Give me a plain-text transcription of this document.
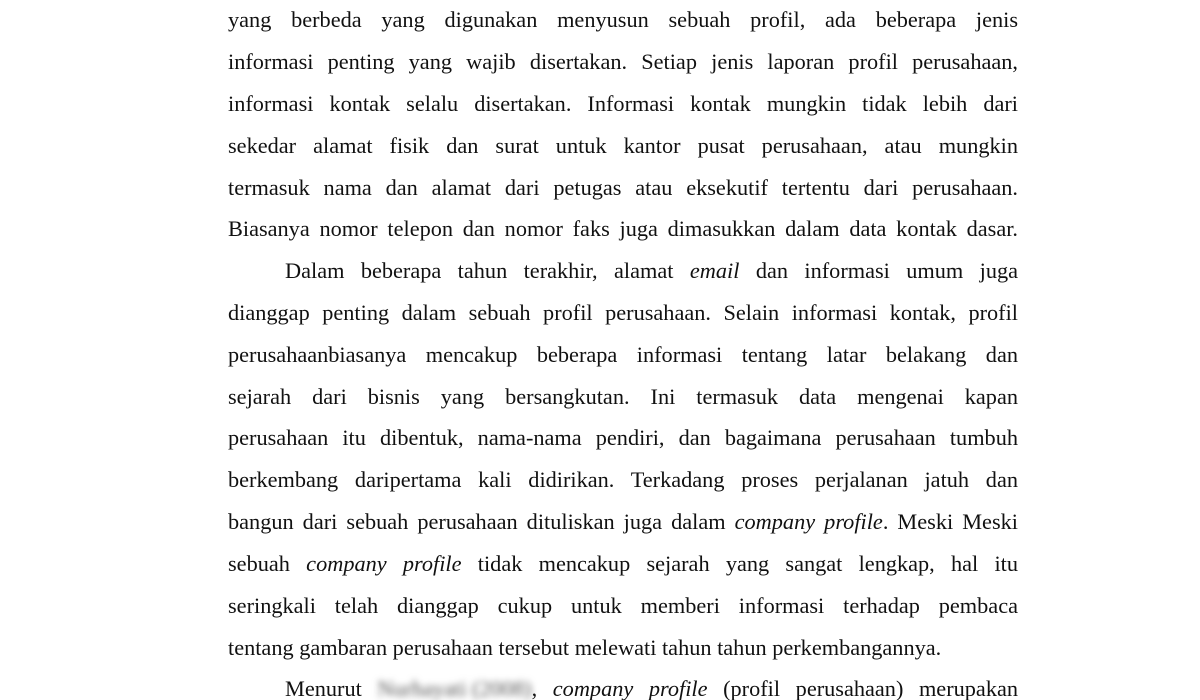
yang berbeda yang digunakan menyusun sebuah profil, ada beberapa jenis
informasi penting yang wajib disertakan. Setiap jenis laporan profil perusahaan,
informasi kontak selalu disertakan. Informasi kontak mungkin tidak lebih dari
sekedar alamat fisik dan surat untuk kantor pusat perusahaan, atau mungkin
termasuk nama dan alamat dari petugas atau eksekutif tertentu dari perusahaan.
Biasanya nomor telepon dan nomor faks juga dimasukkan dalam data kontak dasar.
Dalam beberapa tahun terakhir, alamat email dan informasi umum juga
dianggap penting dalam sebuah profil perusahaan. Selain informasi kontak, profil
perusahaanbiasanya mencakup beberapa informasi tentang latar belakang dan
sejarah dari bisnis yang bersangkutan. Ini termasuk data mengenai kapan
perusahaan itu dibentuk, nama-nama pendiri, dan bagaimana perusahaan tumbuh
berkembang daripertama kali didirikan. Terkadang proses perjalanan jatuh dan
bangun dari sebuah perusahaan dituliskan juga dalam company profile. Meski Meski
sebuah company profile tidak mencakup sejarah yang sangat lengkap, hal itu
seringkali telah dianggap cukup untuk memberi informasi terhadap pembaca
tentang gambaran perusahaan tersebut melewati tahun tahun perkembangannya.
Menurut Nurhayati (2008), company profile (profil perusahaan) merupakan
